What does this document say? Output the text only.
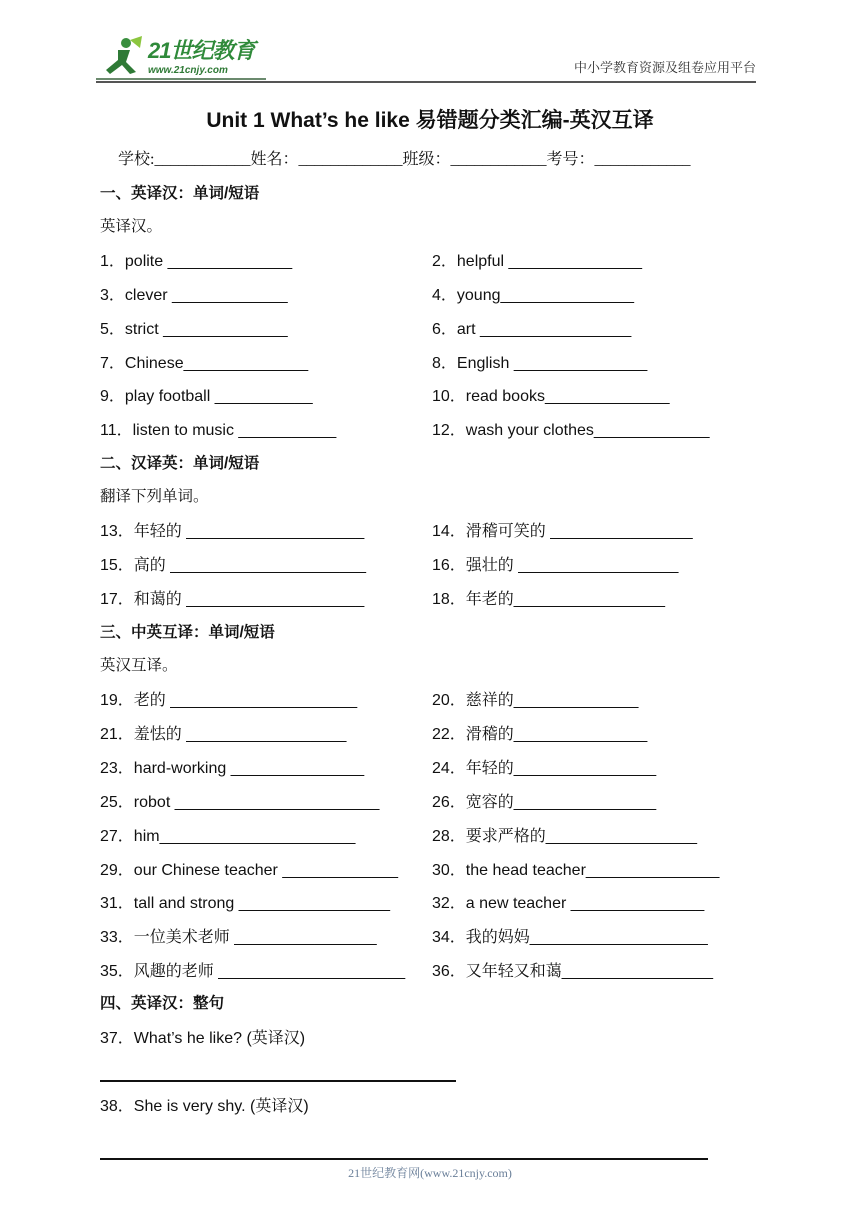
21世纪教育
www.21cnjy.com	中小学教育资源及组卷应用平台
Unit 1 What’s he like 易错题分类汇编-英汉互译
学校:____________姓名：_____________班级：____________考号：____________
一、英译汉：单词/短语
英译汉。
二、汉译英：单词/短语
翻译下列单词。
三、中英互译：单词/短语
英汉互译。
四、英译汉：整句
1．polite ______________	2．helpful _______________
3．clever _____________	4．young_______________
5．strict ______________	6．art _________________
7．Chinese______________	8．English _______________
9．play football ___________	10．read books______________
11．listen to music ___________	12．wash your clothes_____________
13．年轻的 ____________________	14．滑稽可笑的 ________________
15．高的 ______________________	16．强壮的 __________________
17．和蔼的 ____________________	18．年老的_________________
19．老的 _____________________	20．慈祥的______________
21．羞怯的 __________________	22．滑稽的_______________
23．hard-working _______________	24．年轻的________________
25．robot _______________________	26．宽容的________________
27．him______________________	28．要求严格的_________________
29．our Chinese teacher _____________ 30．the head teacher_______________
31．tall and strong _________________	32．a new teacher _______________
33．一位美术老师 ________________	34．我的妈妈____________________
35．风趣的老师 _____________________ 36．又年轻又和蔼_________________
37．What’s he like? (英译汉)
38．She is very shy. (英译汉)
21世纪教育网(www.21cnjy.com)
